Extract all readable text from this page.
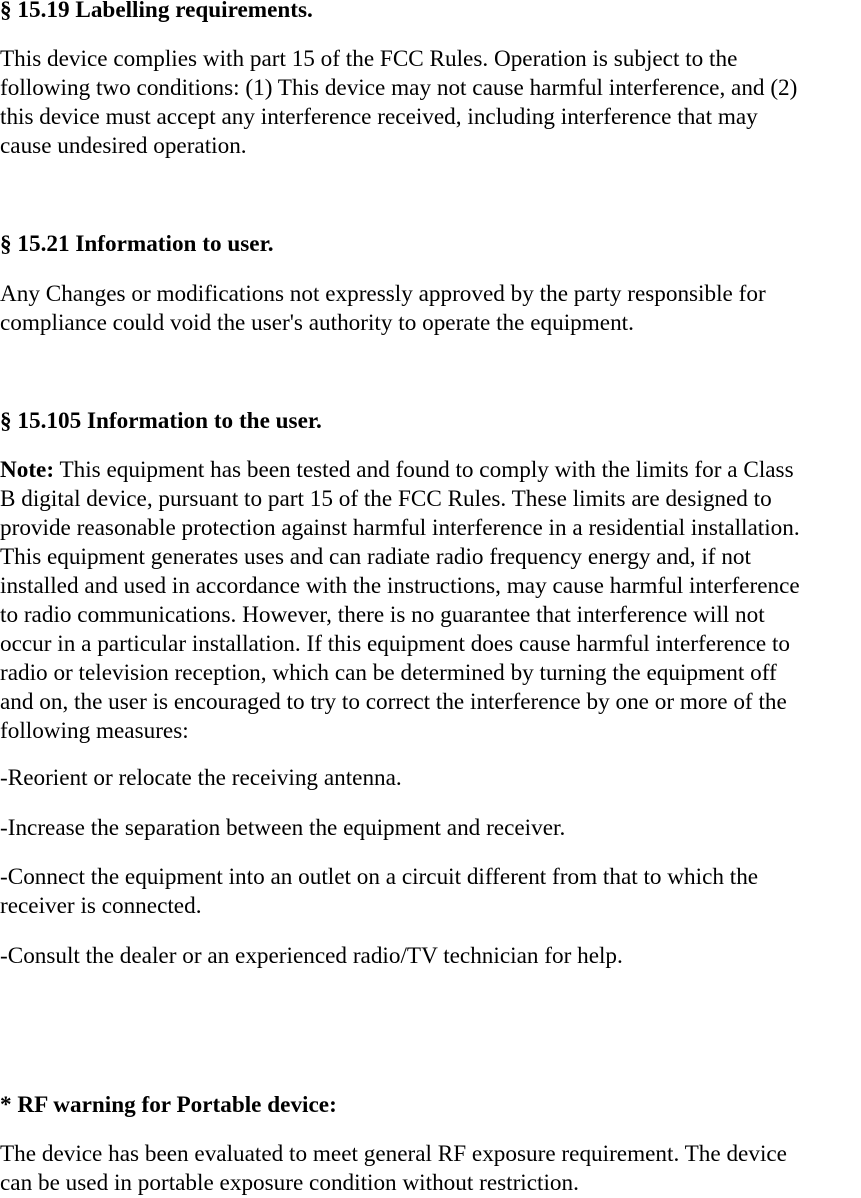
§ 15.19 Labelling requirements.

This device complies with part 15 of the FCC Rules. Operation is subject to the
following two conditions: (1) This device may not cause harmful interference, and (2)
this device must accept any interference received, including interference that may
cause undesired operation.

§ 15.21 Information to user.

Any Changes or modifications not expressly approved by the party responsible for
compliance could void the user's authority to operate the equipment.

§ 15.105 Information to the user.

Note: This equipment has been tested and found to comply with the limits for a Class
B digital device, pursuant to part 15 of the FCC Rules. These limits are designed to
provide reasonable protection against harmful interference in a residential installation.
This equipment generates uses and can radiate radio frequency energy and, if not
installed and used in accordance with the instructions, may cause harmful interference
to radio communications. However, there is no guarantee that interference will not
occur in a particular installation. If this equipment does cause harmful interference to
radio or television reception, which can be determined by turning the equipment off
and on, the user is encouraged to try to correct the interference by one or more of the
following measures:

-Reorient or relocate the receiving antenna.

-Increase the separation between the equipment and receiver.

-Connect the equipment into an outlet on a circuit different from that to which the
receiver is connected.

-Consult the dealer or an experienced radio/TV technician for help.

* RF warning for Portable device:

The device has been evaluated to meet general RF exposure requirement. The device
can be used in portable exposure condition without restriction.
